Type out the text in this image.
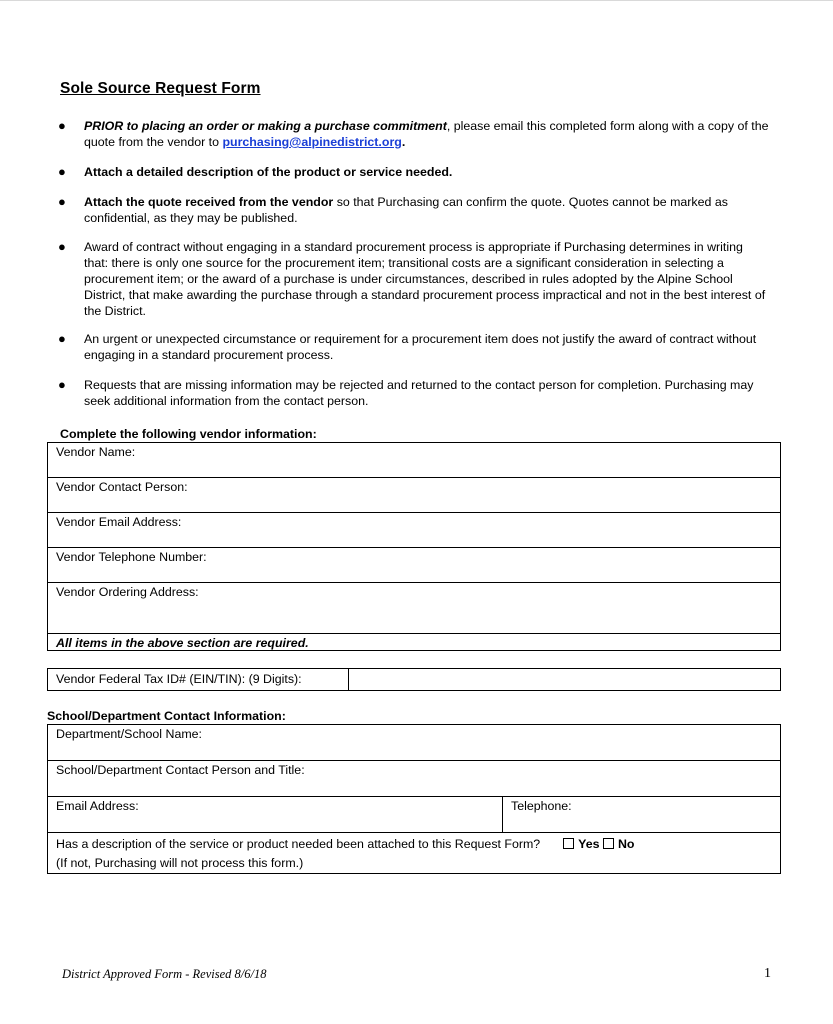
Sole Source Request Form
● PRIOR to placing an order or making a purchase commitment, please email this completed form along with a copy of the quote from the vendor to purchasing@alpinedistrict.org.
● Attach a detailed description of the product or service needed.
● Attach the quote received from the vendor so that Purchasing can confirm the quote. Quotes cannot be marked as confidential, as they may be published.
● Award of contract without engaging in a standard procurement process is appropriate if Purchasing determines in writing that: there is only one source for the procurement item; transitional costs are a significant consideration in selecting a procurement item; or the award of a purchase is under circumstances, described in rules adopted by the Alpine School District, that make awarding the purchase through a standard procurement process impractical and not in the best interest of the District.
● An urgent or unexpected circumstance or requirement for a procurement item does not justify the award of contract without engaging in a standard procurement process.
● Requests that are missing information may be rejected and returned to the contact person for completion. Purchasing may seek additional information from the contact person.
Complete the following vendor information:
Vendor Name:
Vendor Contact Person:
Vendor Email Address:
Vendor Telephone Number:
Vendor Ordering Address:
All items in the above section are required.
Vendor Federal Tax ID# (EIN/TIN): (9 Digits):	
School/Department Contact Information:
Department/School Name:
School/Department Contact Person and Title:
Email Address:	Telephone:
Has a description of the service or product needed been attached to this Request Form?	Yes No
(If not, Purchasing will not process this form.)
District Approved Form - Revised 8/6/18	1
